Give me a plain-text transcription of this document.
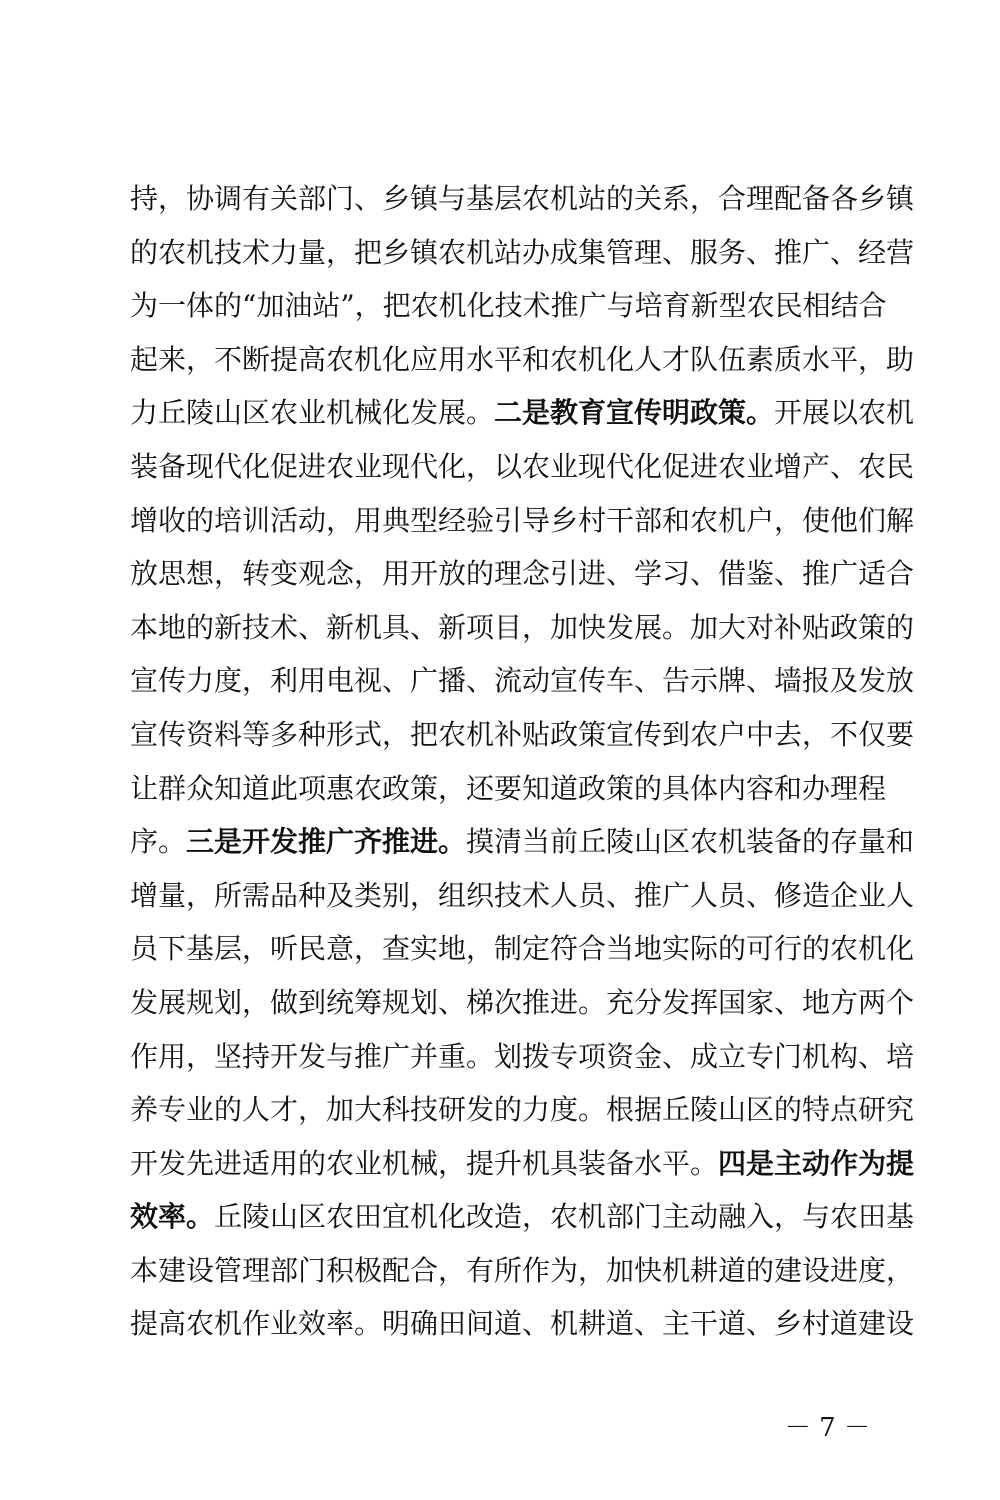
持，协调有关部门、乡镇与基层农机站的关系，合理配备各乡镇
的农机技术力量，把乡镇农机站办成集管理、服务、推广、经营
为一体的“加油站”，把农机化技术推广与培育新型农民相结合
起来，不断提高农机化应用水平和农机化人才队伍素质水平，助
力丘陵山区农业机械化发展。二是教育宣传明政策。开展以农机
装备现代化促进农业现代化，以农业现代化促进农业增产、农民
增收的培训活动，用典型经验引导乡村干部和农机户，使他们解
放思想，转变观念，用开放的理念引进、学习、借鉴、推广适合
本地的新技术、新机具、新项目，加快发展。加大对补贴政策的
宣传力度，利用电视、广播、流动宣传车、告示牌、墙报及发放
宣传资料等多种形式，把农机补贴政策宣传到农户中去，不仅要
让群众知道此项惠农政策，还要知道政策的具体内容和办理程
序。三是开发推广齐推进。摸清当前丘陵山区农机装备的存量和
增量，所需品种及类别，组织技术人员、推广人员、修造企业人
员下基层，听民意，查实地，制定符合当地实际的可行的农机化
发展规划，做到统筹规划、梯次推进。充分发挥国家、地方两个
作用，坚持开发与推广并重。划拨专项资金、成立专门机构、培
养专业的人才，加大科技研发的力度。根据丘陵山区的特点研究
开发先进适用的农业机械，提升机具装备水平。四是主动作为提
效率。丘陵山区农田宜机化改造，农机部门主动融入，与农田基
本建设管理部门积极配合，有所作为，加快机耕道的建设进度，
提高农机作业效率。明确田间道、机耕道、主干道、乡村道建设
－ 7 －
